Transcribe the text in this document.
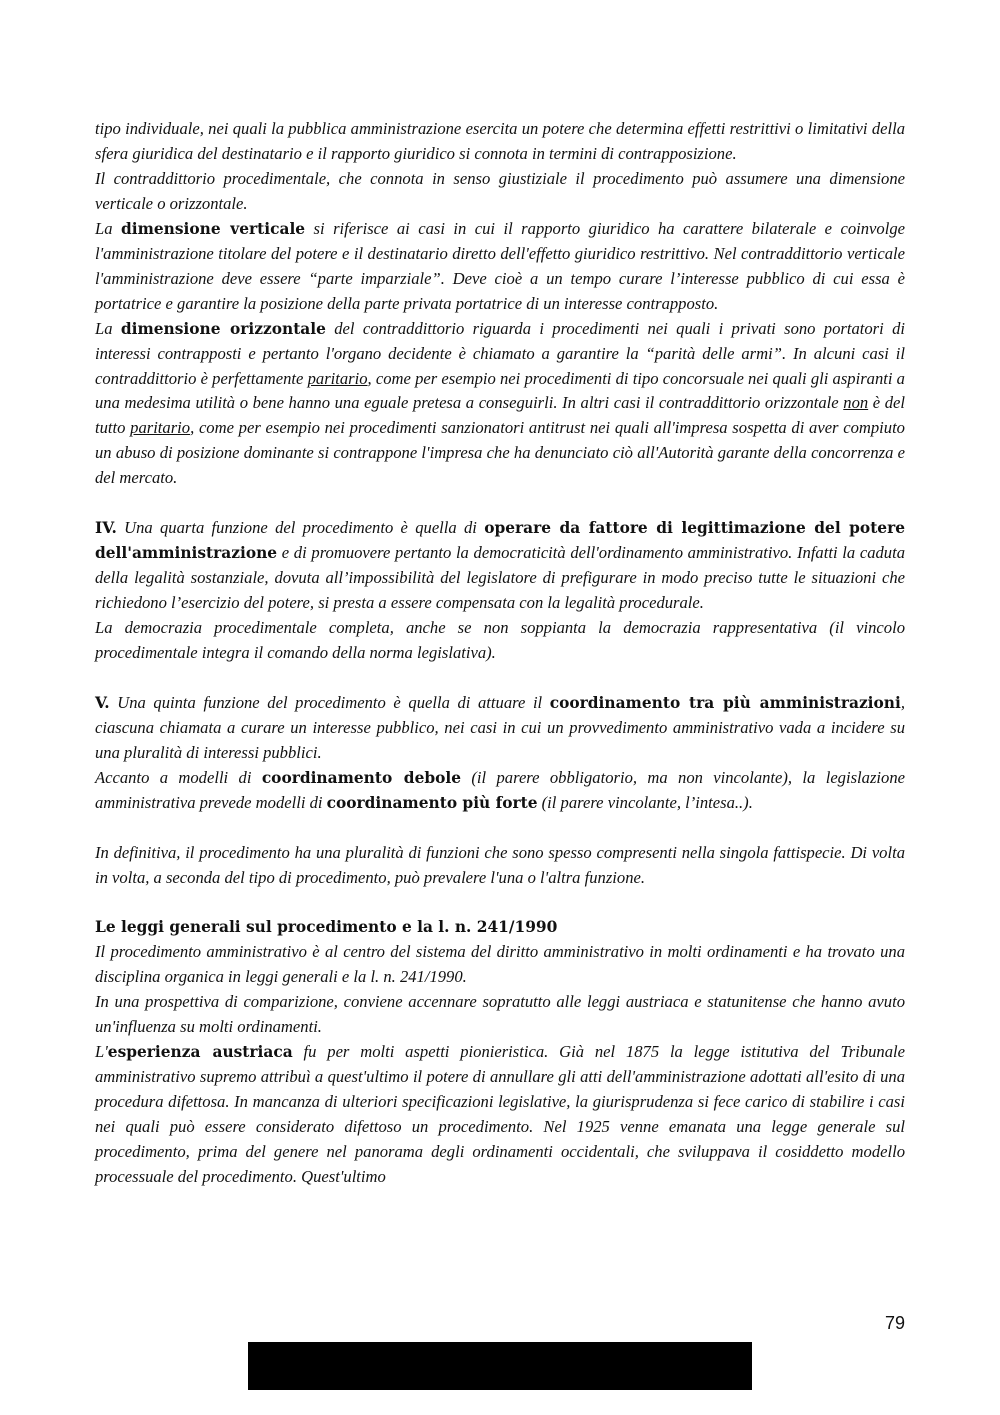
tipo individuale, nei quali la pubblica amministrazione esercita un potere che determina effetti restrittivi o limitativi della sfera giuridica del destinatario e il rapporto giuridico si connota in termini di contrapposizione.

Il contraddittorio procedimentale, che connota in senso giustiziale il procedimento può assumere una dimensione verticale o orizzontale.

La dimensione verticale si riferisce ai casi in cui il rapporto giuridico ha carattere bilaterale e coinvolge l'amministrazione titolare del potere e il destinatario diretto dell'effetto giuridico restrittivo. Nel contraddittorio verticale l'amministrazione deve essere “parte imparziale”. Deve cioè a un tempo curare l’interesse pubblico di cui essa è portatrice e garantire la posizione della parte privata portatrice di un interesse contrapposto.

La dimensione orizzontale del contraddittorio riguarda i procedimenti nei quali i privati sono portatori di interessi contrapposti e pertanto l'organo decidente è chiamato a garantire la “parità delle armi”. In alcuni casi il contraddittorio è perfettamente paritario, come per esempio nei procedimenti di tipo concorsuale nei quali gli aspiranti a una medesima utilità o bene hanno una eguale pretesa a conseguirli. In altri casi il contraddittorio orizzontale non è del tutto paritario, come per esempio nei procedimenti sanzionatori antitrust nei quali all'impresa sospetta di aver compiuto un abuso di posizione dominante si contrappone l'impresa che ha denunciato ciò all'Autorità garante della concorrenza e del mercato.

IV. Una quarta funzione del procedimento è quella di operare da fattore di legittimazione del potere dell'amministrazione e di promuovere pertanto la democraticità dell'ordinamento amministrativo. Infatti la caduta della legalità sostanziale, dovuta all’impossibilità del legislatore di prefigurare in modo preciso tutte le situazioni che richiedono l’esercizio del potere, si presta a essere compensata con la legalità procedurale.

La democrazia procedimentale completa, anche se non soppianta la democrazia rappresentativa (il vincolo procedimentale integra il comando della norma legislativa).

V. Una quinta funzione del procedimento è quella di attuare il coordinamento tra più amministrazioni, ciascuna chiamata a curare un interesse pubblico, nei casi in cui un provvedimento amministrativo vada a incidere su una pluralità di interessi pubblici.

Accanto a modelli di coordinamento debole (il parere obbligatorio, ma non vincolante), la legislazione amministrativa prevede modelli di coordinamento più forte (il parere vincolante, l’intesa..).

In definitiva, il procedimento ha una pluralità di funzioni che sono spesso compresenti nella singola fattispecie. Di volta in volta, a seconda del tipo di procedimento, può prevalere l'una o l'altra funzione.

Le leggi generali sul procedimento e la l. n. 241/1990

Il procedimento amministrativo è al centro del sistema del diritto amministrativo in molti ordinamenti e ha trovato una disciplina organica in leggi generali e la l. n. 241/1990.

In una prospettiva di comparizione, conviene accennare sopratutto alle leggi austriaca e statunitense che hanno avuto un'influenza su molti ordinamenti.

L'esperienza austriaca fu per molti aspetti pionieristica. Già nel 1875 la legge istitutiva del Tribunale amministrativo supremo attribuì a quest'ultimo il potere di annullare gli atti dell'amministrazione adottati all'esito di una procedura difettosa. In mancanza di ulteriori specificazioni legislative, la giurisprudenza si fece carico di stabilire i casi nei quali può essere considerato difettoso un procedimento. Nel 1925 venne emanata una legge generale sul procedimento, prima del genere nel panorama degli ordinamenti occidentali, che sviluppava il cosiddetto modello processuale del procedimento. Quest'ultimo

79
